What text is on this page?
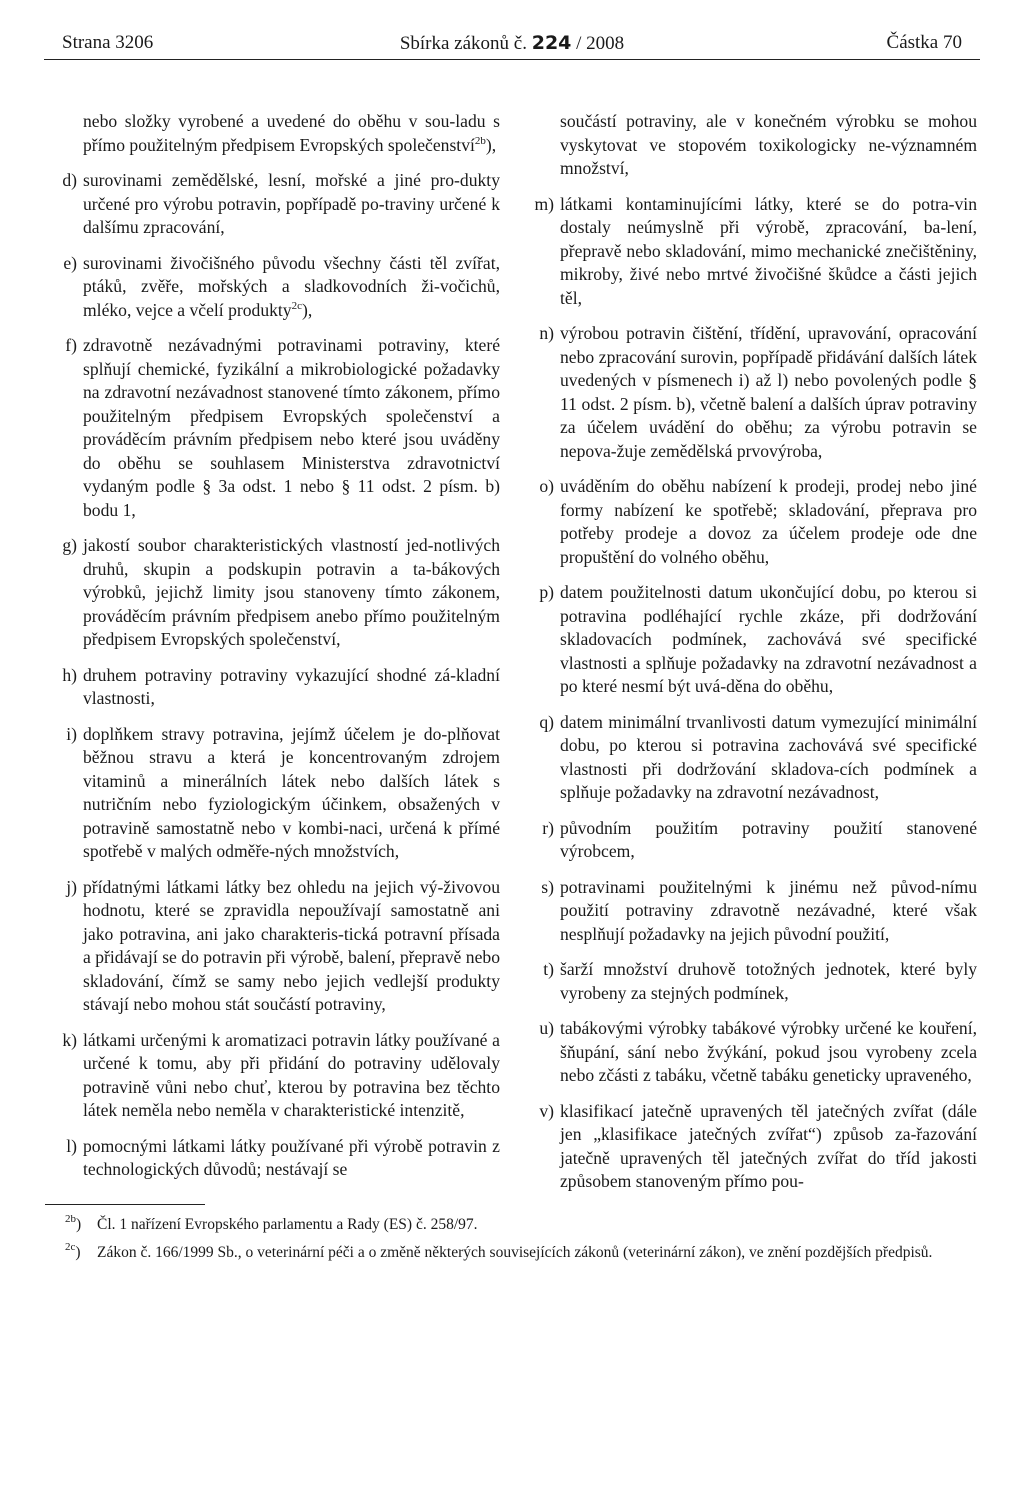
Strana 3206	Sbírka zákonů č. 224 / 2008	Částka 70
nebo složky vyrobené a uvedené do oběhu v sou-ladu s přímo použitelným předpisem Evropských společenství$^{2b}$),
d) surovinami zemědělské, lesní, mořské a jiné pro-dukty určené pro výrobu potravin, popřípadě po-traviny určené k dalšímu zpracování,
e) surovinami živočišného původu všechny části těl zvířat, ptáků, zvěře, mořských a sladkovodních ži-vočichů, mléko, vejce a včelí produkty$^{2c}$),
f) zdravotně nezávadnými potravinami potraviny, které splňují chemické, fyzikální a mikrobiologické požadavky na zdravotní nezávadnost stanovené tímto zákonem, přímo použitelným předpisem Evropských společenství a prováděcím právním předpisem nebo které jsou uváděny do oběhu se souhlasem Ministerstva zdravotnictví vydaným podle § 3a odst. 1 nebo § 11 odst. 2 písm. b) bodu 1,
g) jakostí soubor charakteristických vlastností jed-notlivých druhů, skupin a podskupin potravin a ta-bákových výrobků, jejichž limity jsou stanoveny tímto zákonem, prováděcím právním předpisem anebo přímo použitelným předpisem Evropských společenství,
h) druhem potraviny potraviny vykazující shodné zá-kladní vlastnosti,
i) doplňkem stravy potravina, jejímž účelem je do-plňovat běžnou stravu a která je koncentrovaným zdrojem vitaminů a minerálních látek nebo dalších látek s nutričním nebo fyziologickým účinkem, obsažených v potravině samostatně nebo v kombi-naci, určená k přímé spotřebě v malých odměře-ných množstvích,
j) přídatnými látkami látky bez ohledu na jejich vý-živovou hodnotu, které se zpravidla nepoužívají samostatně ani jako potravina, ani jako charakteris-tická potravní přísada a přidávají se do potravin při výrobě, balení, přepravě nebo skladování, čímž se samy nebo jejich vedlejší produkty stávají nebo mohou stát součástí potraviny,
k) látkami určenými k aromatizaci potravin látky používané a určené k tomu, aby při přidání do potraviny udělovaly potravině vůni nebo chuť, kterou by potravina bez těchto látek neměla nebo neměla v charakteristické intenzitě,
l) pomocnými látkami látky používané při výrobě potravin z technologických důvodů; nestávají se
součástí potraviny, ale v konečném výrobku se mohou vyskytovat ve stopovém toxikologicky ne-významném množství,
m) látkami kontaminujícími látky, které se do potra-vin dostaly neúmyslně při výrobě, zpracování, ba-lení, přepravě nebo skladování, mimo mechanické znečištěniny, mikroby, živé nebo mrtvé živočišné škůdce a části jejich těl,
n) výrobou potravin čištění, třídění, upravování, opracování nebo zpracování surovin, popřípadě přidávání dalších látek uvedených v písmenech i) až l) nebo povolených podle § 11 odst. 2 písm. b), včetně balení a dalších úprav potraviny za účelem uvádění do oběhu; za výrobu potravin se nepova-žuje zemědělská prvovýroba,
o) uváděním do oběhu nabízení k prodeji, prodej nebo jiné formy nabízení ke spotřebě; skladování, přeprava pro potřeby prodeje a dovoz za účelem prodeje ode dne propuštění do volného oběhu,
p) datem použitelnosti datum ukončující dobu, po kterou si potravina podléhající rychle zkáze, při dodržování skladovacích podmínek, zachovává své specifické vlastnosti a splňuje požadavky na zdravotní nezávadnost a po které nesmí být uvá-děna do oběhu,
q) datem minimální trvanlivosti datum vymezující minimální dobu, po kterou si potravina zachovává své specifické vlastnosti při dodržování skladova-cích podmínek a splňuje požadavky na zdravotní nezávadnost,
r) původním použitím potraviny použití stanovené výrobcem,
s) potravinami použitelnými k jinému než původ-nímu použití potraviny zdravotně nezávadné, které však nesplňují požadavky na jejich původní použití,
t) šarží množství druhově totožných jednotek, které byly vyrobeny za stejných podmínek,
u) tabákovými výrobky tabákové výrobky určené ke kouření, šňupání, sání nebo žvýkání, pokud jsou vyrobeny zcela nebo zčásti z tabáku, včetně tabáku geneticky upraveného,
v) klasifikací jatečně upravených těl jatečných zvířat (dále jen „klasifikace jatečných zvířat“) způsob za-řazování jatečně upravených těl jatečných zvířat do tříd jakosti způsobem stanoveným přímo pou-
$^{2b}$) Čl. 1 nařízení Evropského parlamentu a Rady (ES) č. 258/97.
$^{2c}$) Zákon č. 166/1999 Sb., o veterinární péči a o změně některých souvisejících zákonů (veterinární zákon), ve znění pozdějších předpisů.
